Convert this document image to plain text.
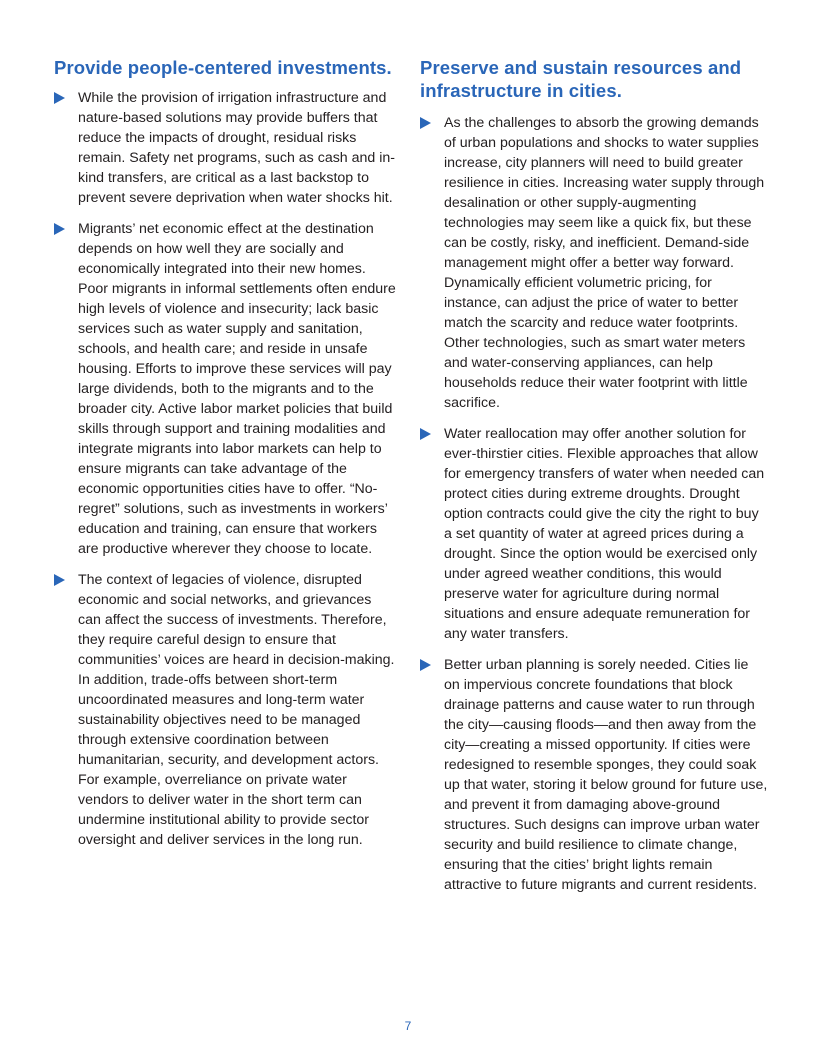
Provide people-centered investments.
While the provision of irrigation infrastructure and nature-based solutions may provide buffers that reduce the impacts of drought, residual risks remain. Safety net programs, such as cash and in-kind transfers, are critical as a last backstop to prevent severe deprivation when water shocks hit.
Migrants’ net economic effect at the destination depends on how well they are socially and economically integrated into their new homes. Poor migrants in informal settlements often endure high levels of violence and insecurity; lack basic services such as water supply and sanitation, schools, and health care; and reside in unsafe housing. Efforts to improve these services will pay large dividends, both to the migrants and to the broader city. Active labor market policies that build skills through support and training modalities and integrate migrants into labor markets can help to ensure migrants can take advantage of the economic opportunities cities have to offer. “No-regret” solutions, such as investments in workers’ education and training, can ensure that workers are productive wherever they choose to locate.
The context of legacies of violence, disrupted economic and social networks, and grievances can affect the success of investments. Therefore, they require careful design to ensure that communities’ voices are heard in decision-making. In addition, trade-offs between short-term uncoordinated measures and long-term water sustainability objectives need to be managed through extensive coordination between humanitarian, security, and development actors. For example, overreliance on private water vendors to deliver water in the short term can undermine institutional ability to provide sector oversight and deliver services in the long run.
Preserve and sustain resources and infrastructure in cities.
As the challenges to absorb the growing demands of urban populations and shocks to water supplies increase, city planners will need to build greater resilience in cities. Increasing water supply through desalination or other supply-augmenting technologies may seem like a quick fix, but these can be costly, risky, and inefficient. Demand-side management might offer a better way forward. Dynamically efficient volumetric pricing, for instance, can adjust the price of water to better match the scarcity and reduce water footprints. Other technologies, such as smart water meters and water-conserving appliances, can help households reduce their water footprint with little sacrifice.
Water reallocation may offer another solution for ever-thirstier cities. Flexible approaches that allow for emergency transfers of water when needed can protect cities during extreme droughts. Drought option contracts could give the city the right to buy a set quantity of water at agreed prices during a drought. Since the option would be exercised only under agreed weather conditions, this would preserve water for agriculture during normal situations and ensure adequate remuneration for any water transfers.
Better urban planning is sorely needed. Cities lie on impervious concrete foundations that block drainage patterns and cause water to run through the city—causing floods—and then away from the city—creating a missed opportunity. If cities were redesigned to resemble sponges, they could soak up that water, storing it below ground for future use, and prevent it from damaging above-ground structures. Such designs can improve urban water security and build resilience to climate change, ensuring that the cities’ bright lights remain attractive to future migrants and current residents.
7
